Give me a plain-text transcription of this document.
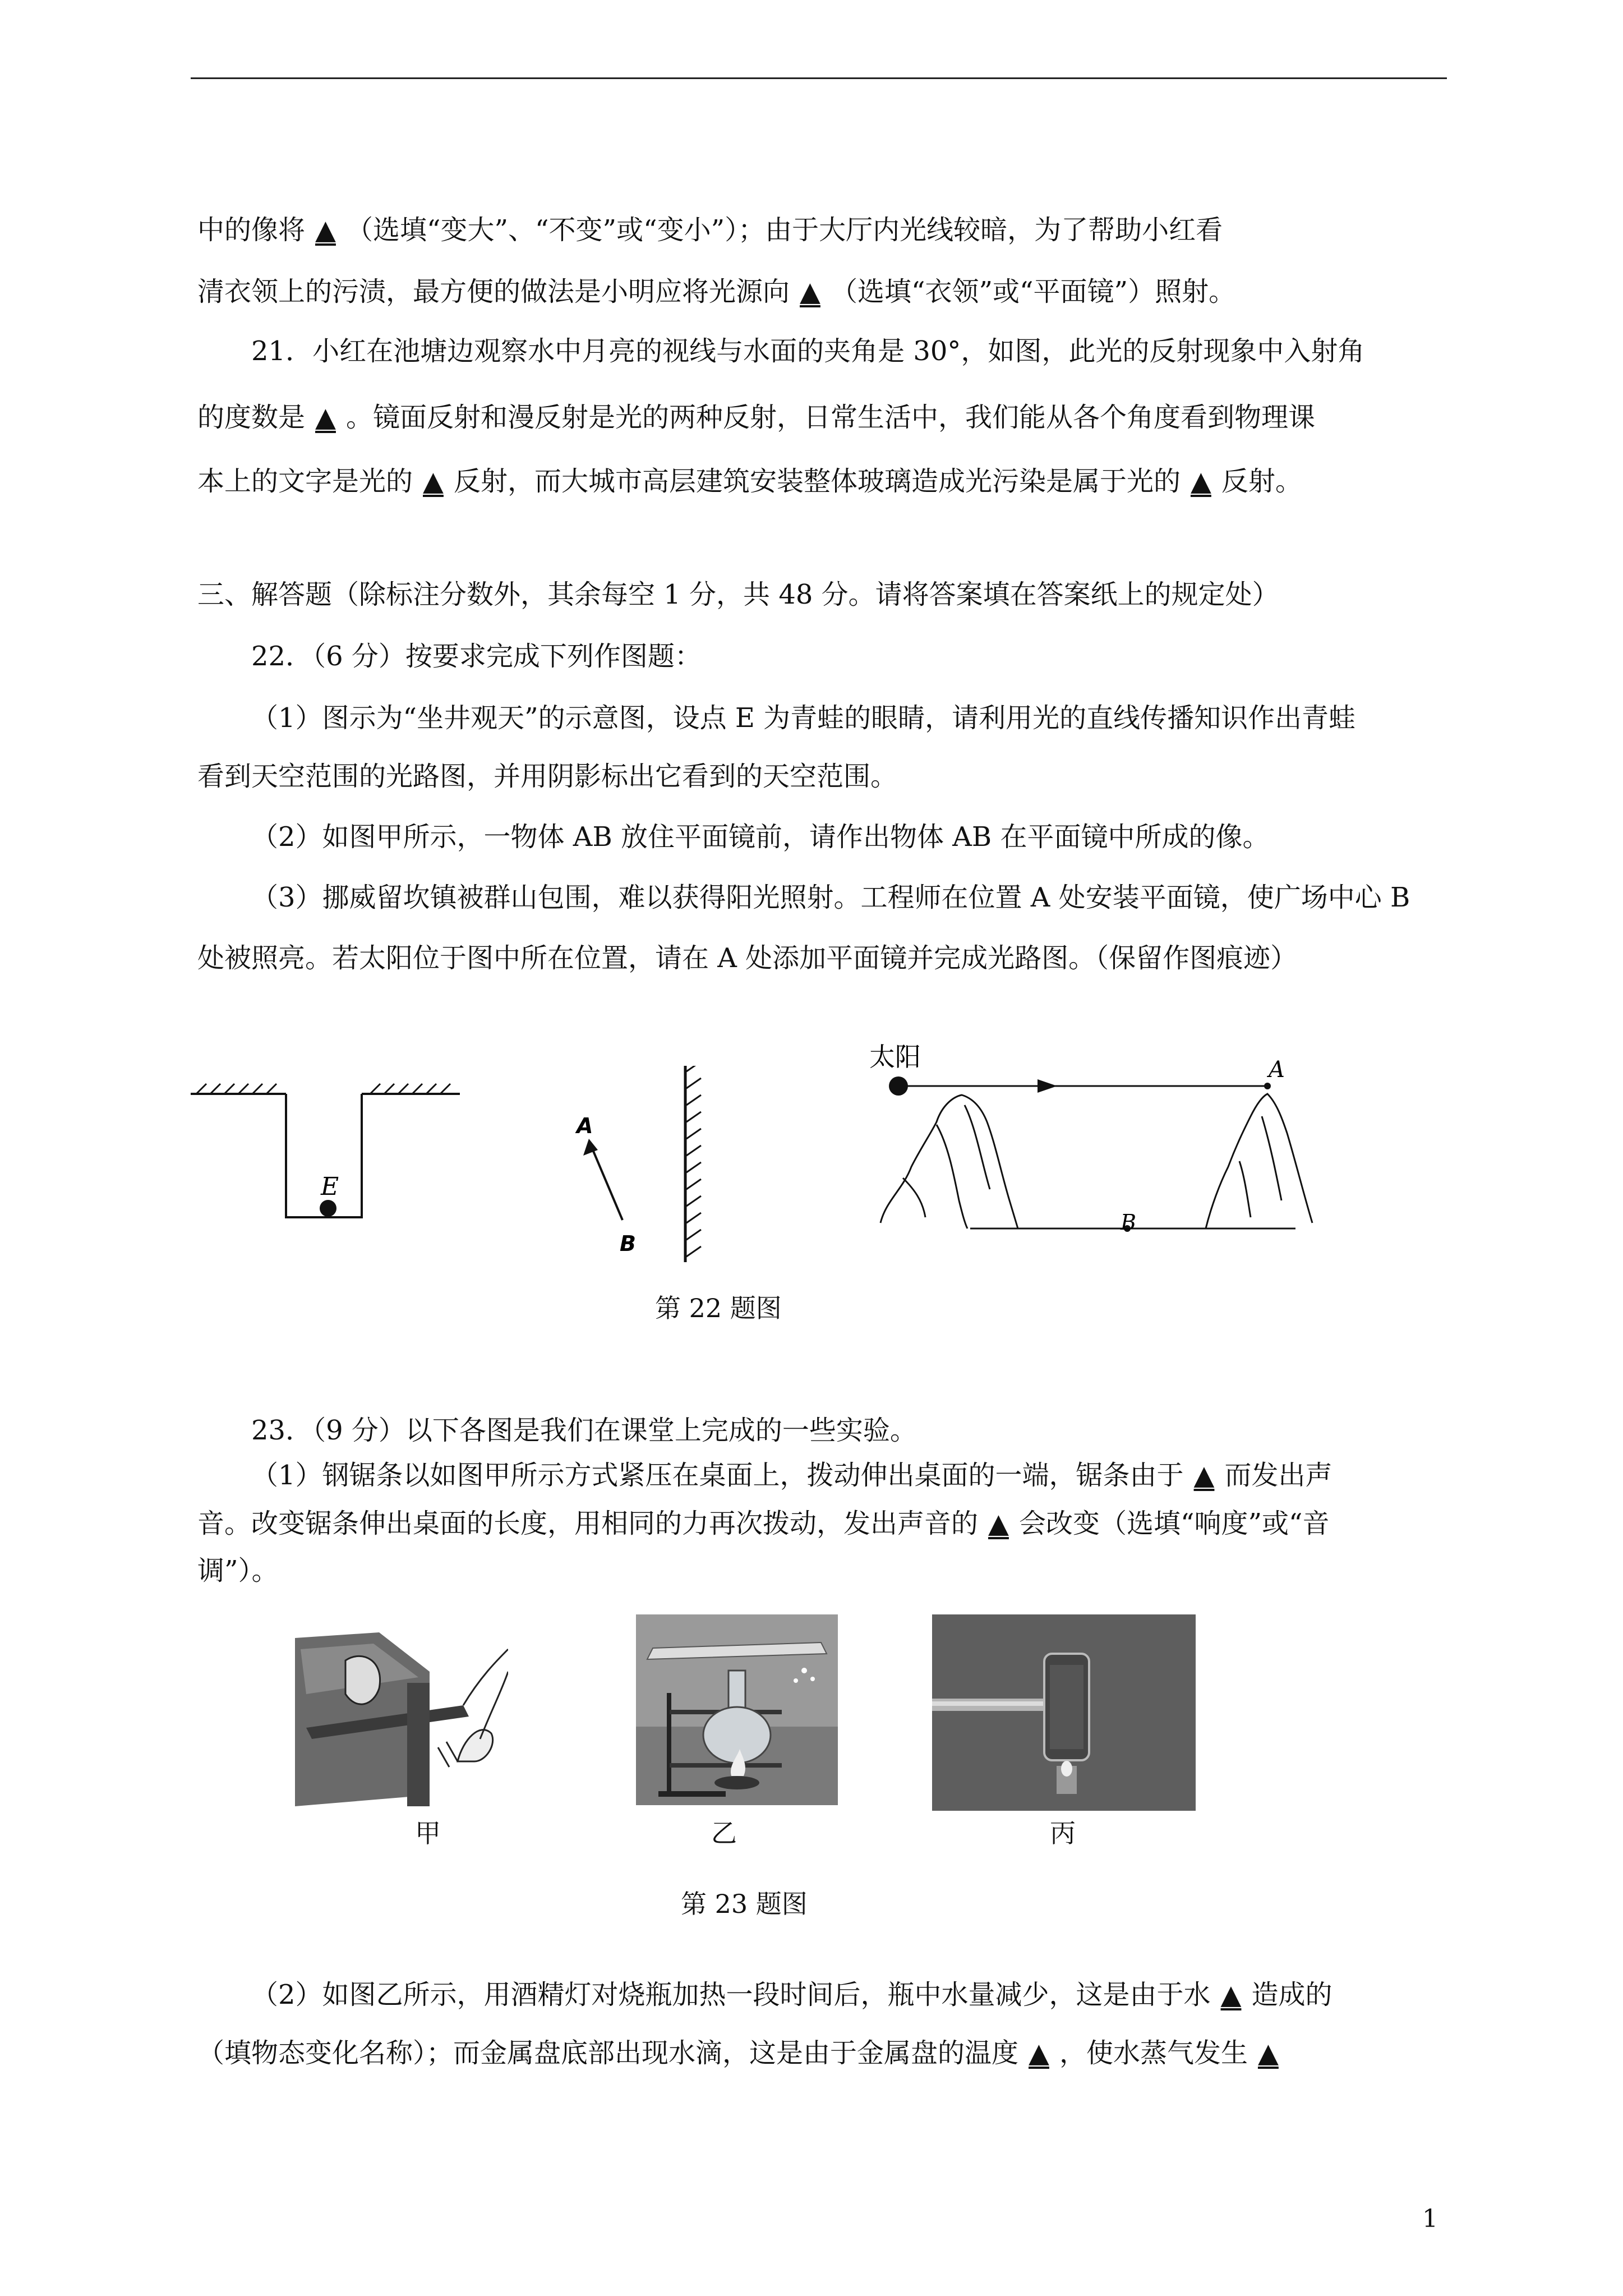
中的像将 ▲ （选填“变大”、“不变”或“变小”）；由于大厅内光线较暗，为了帮助小红看
清衣领上的污渍，最方便的做法是小明应将光源向 ▲ （选填“衣领”或“平面镜”）照射。
21．小红在池塘边观察水中月亮的视线与水面的夹角是 30°，如图，此光的反射现象中入射角
的度数是 ▲ 。镜面反射和漫反射是光的两种反射，日常生活中，我们能从各个角度看到物理课
本上的文字是光的 ▲ 反射，而大城市高层建筑安装整体玻璃造成光污染是属于光的 ▲ 反射。
三、解答题（除标注分数外，其余每空 1 分，共 48 分。请将答案填在答案纸上的规定处）
22．（6 分）按要求完成下列作图题：
（1）图示为“坐井观天”的示意图，设点 E 为青蛙的眼睛，请利用光的直线传播知识作出青蛙
看到天空范围的光路图，并用阴影标出它看到的天空范围。
（2）如图甲所示，一物体 AB 放住平面镜前，请作出物体 AB 在平面镜中所成的像。
（3）挪威留坎镇被群山包围，难以获得阳光照射。工程师在位置 A 处安装平面镜，使广场中心 B
处被照亮。若太阳位于图中所在位置，请在 A 处添加平面镜并完成光路图。（保留作图痕迹）
E
A
B
太阳	A
B
第 22 题图
23．（9 分）以下各图是我们在课堂上完成的一些实验。
（1）钢锯条以如图甲所示方式紧压在桌面上，拨动伸出桌面的一端，锯条由于 ▲ 而发出声
音。改变锯条伸出桌面的长度，用相同的力再次拨动，发出声音的 ▲ 会改变（选填“响度”或“音
调”）。
甲	乙	丙
第 23 题图
（2）如图乙所示，用酒精灯对烧瓶加热一段时间后，瓶中水量减少，这是由于水 ▲ 造成的
（填物态变化名称）；而金属盘底部出现水滴，这是由于金属盘的温度 ▲ ，使水蒸气发生 ▲
1
